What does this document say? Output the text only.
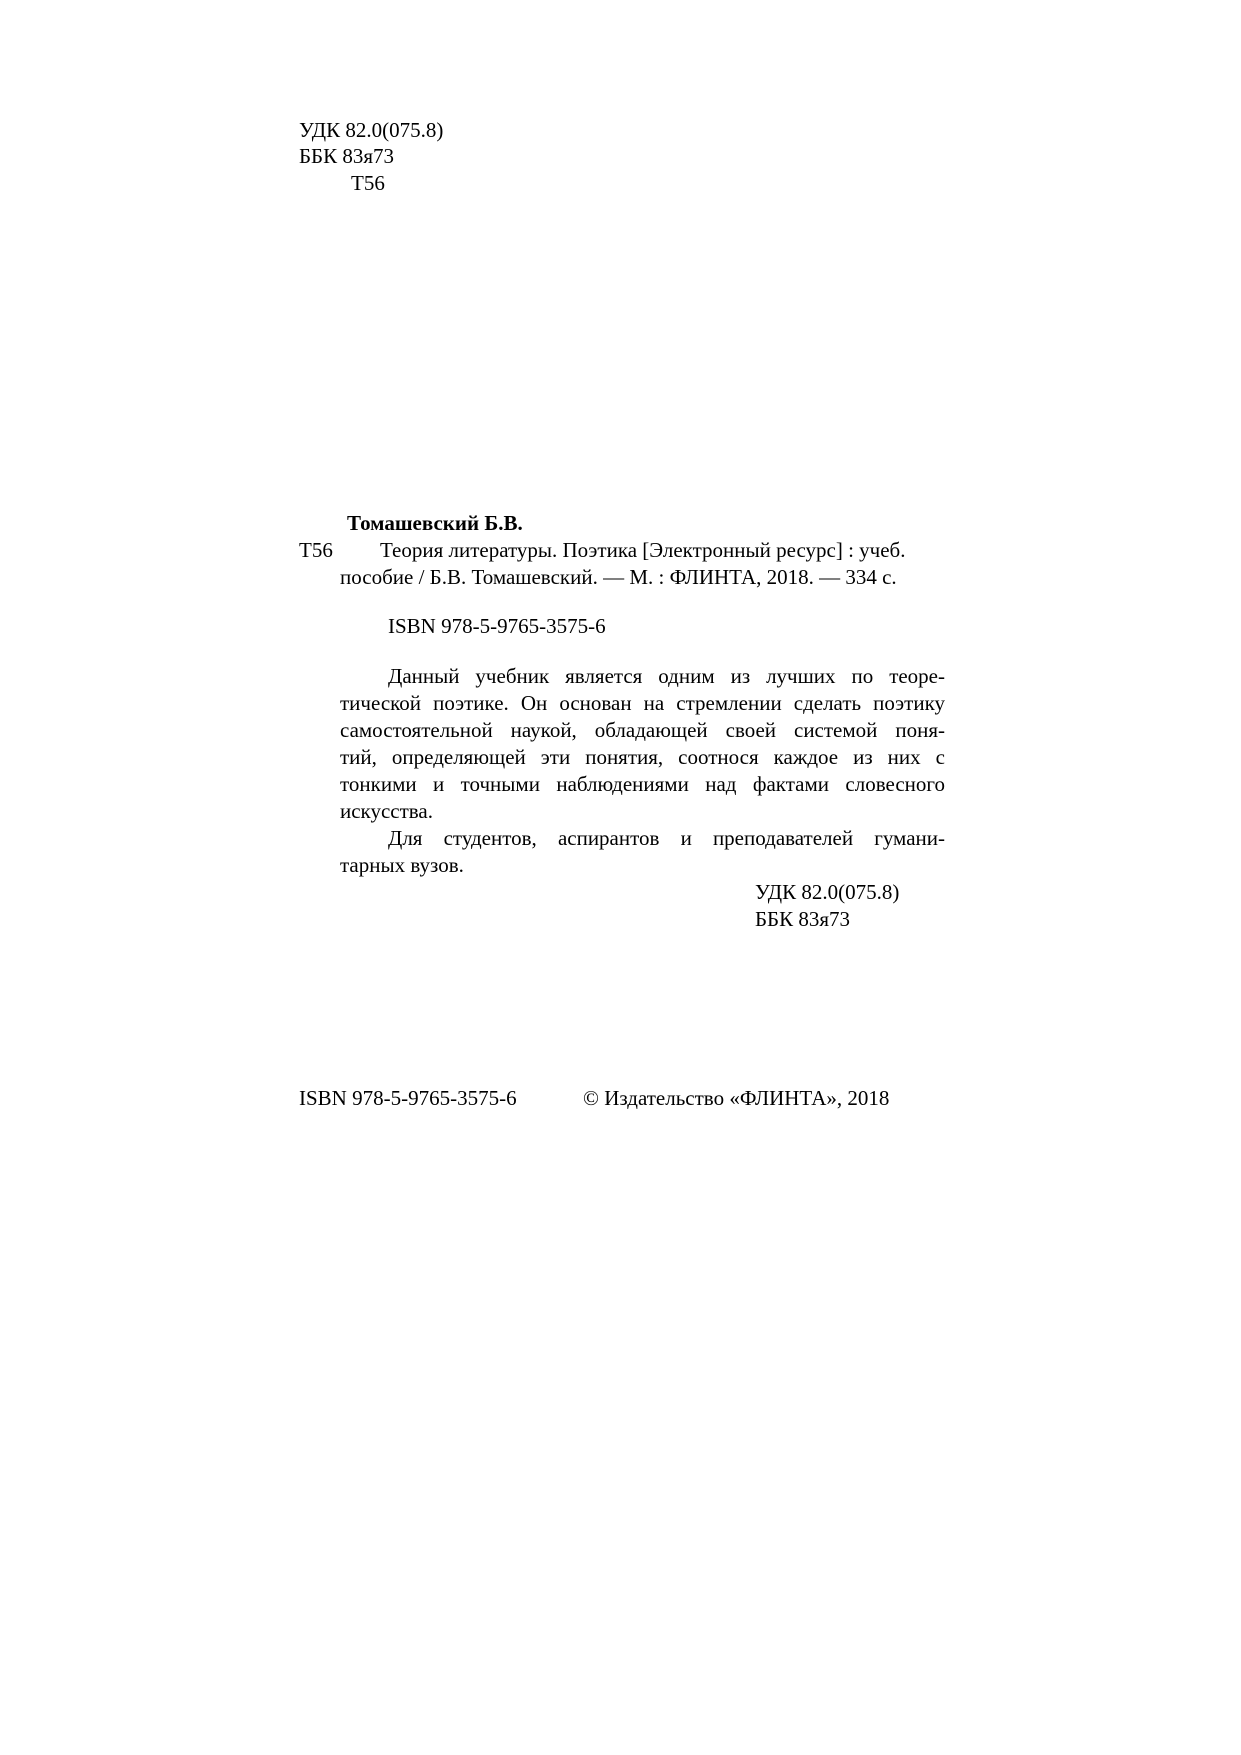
УДК 82.0(075.8)
ББК 83я73
Т56
Томашевский Б.В.
Т56 Теория литературы. Поэтика [Электронный ресурс] : учеб.
пособие / Б.В. Томашевский. — М. : ФЛИНТА, 2018. — 334 с.
ISBN 978-5-9765-3575-6
Данный учебник является одним из лучших по теоре-
тической поэтике. Он основан на стремлении сделать поэтику
самостоятельной наукой, обладающей своей системой поня-
тий, определяющей эти понятия, соотнося каждое из них с
тонкими и точными наблюдениями над фактами словесного
искусства.
Для студентов, аспирантов и преподавателей гумани-
тарных вузов.
УДК 82.0(075.8)
ББК 83я73
ISBN 978-5-9765-3575-6	© Издательство «ФЛИНТА», 2018
